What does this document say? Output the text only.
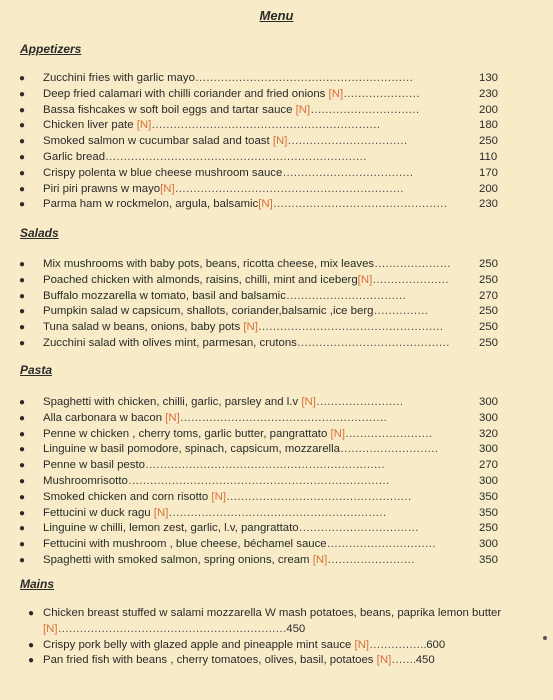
Menu
Appetizers
● Zucchini fries with garlic mayo……………………………………………………	130
● Deep fried calamari with chilli coriander and fried onions [N]…………………	230
● Bassa fishcakes w soft boil eggs and tartar sauce [N]…………………………	200
● Chicken liver pate [N]………………………………………………………	180
● Smoked salmon w cucumbar salad and toast [N]……………………………	250
● Garlic bread………………………………………………………………	110
● Crispy polenta w blue cheese mushroom sauce………………………………	170
● Piri piri prawns w mayo[N]………………………………………………………	200
● Parma ham w rockmelon, argula, balsamic[N]…………………………………………	230
Salads
● Mix mushrooms with baby pots, beans, ricotta cheese, mix leaves…………………	250
● Poached chicken with almonds, raisins, chilli, mint and iceberg[N]…………………	250
● Buffalo mozzarella w tomato, basil and balsamic……………………………	270
● Pumpkin salad w capsicum, shallots, coriander,balsamic ,ice berg……………	250
● Tuna salad w beans, onions, baby pots [N]……………………………………………	250
● Zucchini salad with olives mint, parmesan, crutons……………………………………	250
Pasta
● Spaghetti with chicken, chilli, garlic, parsley and l.v [N]……………………	300
● Alla carbonara w bacon [N]…………………………………………………	300
● Penne w chicken , cherry toms, garlic butter, pangrattato [N]……………………	320
● Linguine w basil pomodore, spinach, capsicum, mozzarella………………………	300
● Penne w basil pesto…………………………………………………………	270
● Mushroomrisotto………………………………………………………………	300
● Smoked chicken and corn risotto [N]……………………………………………	350
● Fettucini w duck ragu [N]……………………………………………………	350
● Linguine w chilli, lemon zest, garlic, l.v, pangrattato……………………………	250
● Fettucini with mushroom , blue cheese, béchamel sauce…………………………	300
● Spaghetti with smoked salmon, spring onions, cream [N]……………………	350
Mains
● Chicken breast stuffed w salami mozzarella W mash potatoes, beans, paprika lemon butter
[N]………………………………………………………450
● Crispy pork belly with glazed apple and pineapple mint sauce [N]…………….600
● Pan fried fish with beans , cherry tomatoes, olives, basil, potatoes [N]…….450
